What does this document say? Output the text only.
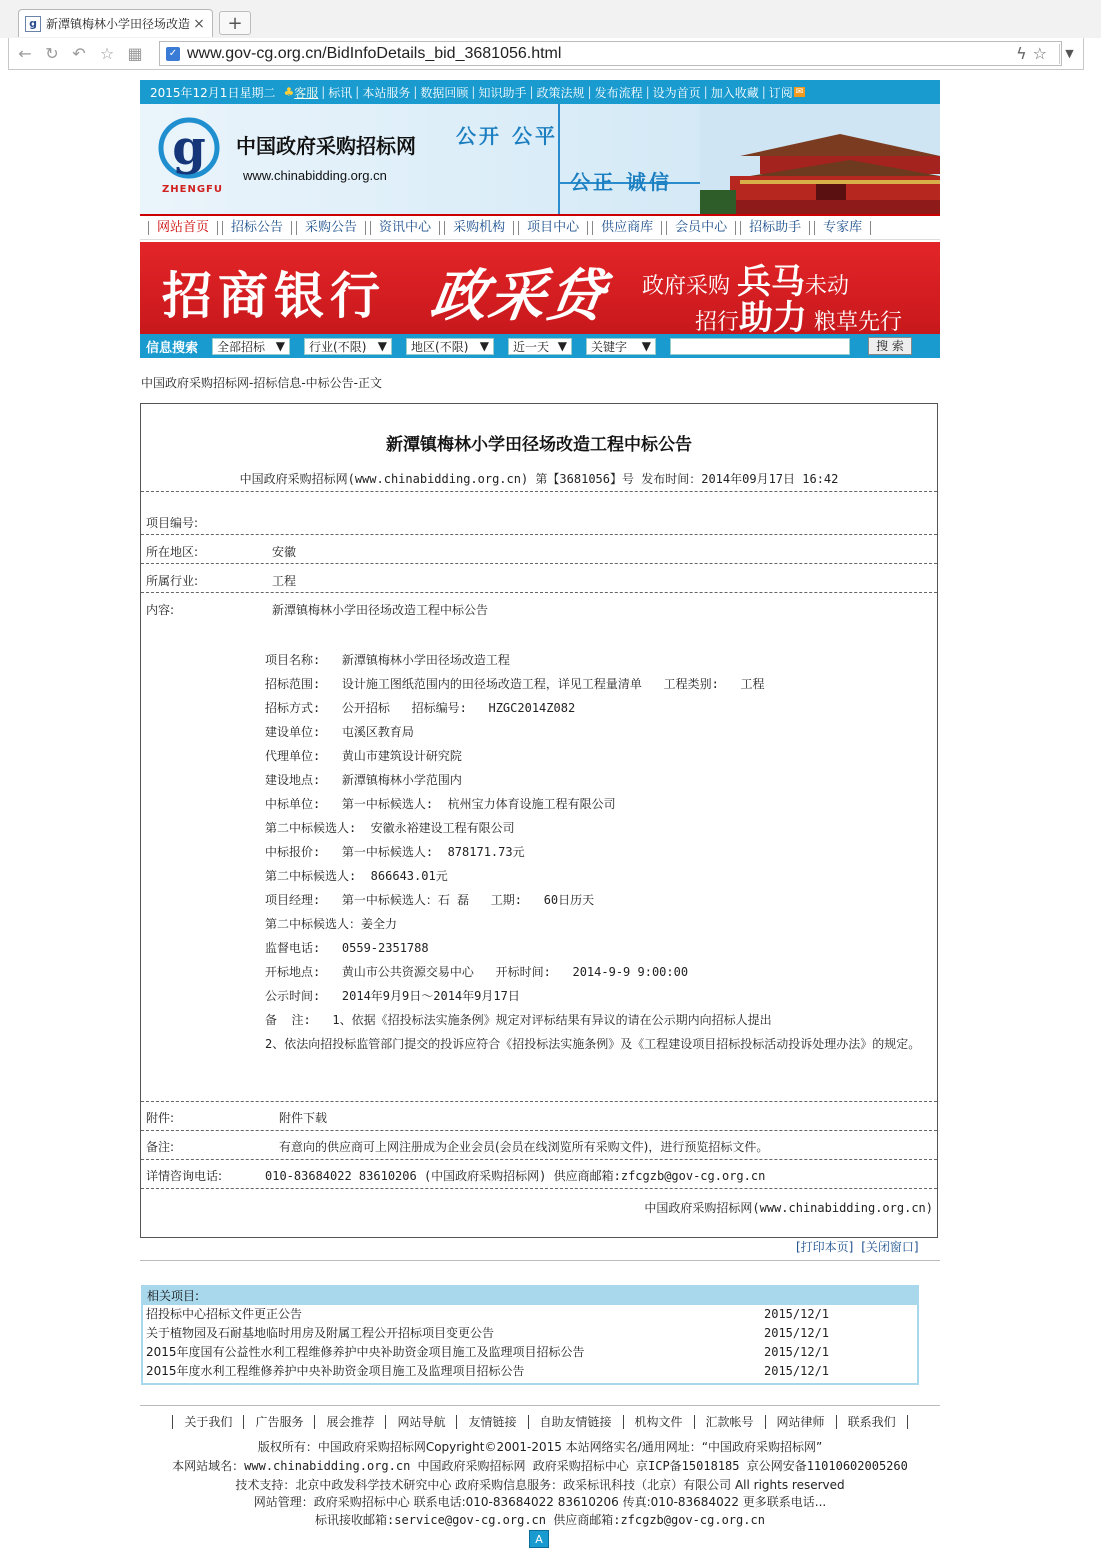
g 新潭镇梅林小学田径场改造 ×	+
← ↻ ↶ ☆ ▦	✓ www.gov-cg.org.cn/BidInfoDetails_bid_3681056.html	ϟ☆	▼
2015年12月1日星期二 ♣ 客服 | 标讯 | 本站服务 | 数据回顾 | 知识助手 | 政策法规 | 发布流程 | 设为首页 | 加入收藏 | 订阅 ✉
g
ZHENGFU
中国政府采购招标网
www.chinabidding.org.cn
公开 公平
公正 诚信
网站首页	招标公告	采购公告	资讯中心	采购机构	项目中心	供应商库	会员中心	招标助手	专家库
招商银行 政采贷 政府采购 兵马未动
招行助力 粮草先行
信息搜索 全部招标 ▼ 行业(不限) ▼ 地区(不限) ▼ 近一天 ▼ 关键字 ▼	搜 索
中国政府采购招标网-招标信息-中标公告-正文
新潭镇梅林小学田径场改造工程中标公告
中国政府采购招标网(www.chinabidding.org.cn) 第【3681056】号 发布时间：2014年09月17日 16:42
项目编号:
所在地区:	安徽
所属行业:	工程
内容:	新潭镇梅林小学田径场改造工程中标公告
项目名称:   新潭镇梅林小学田径场改造工程
招标范围:   设计施工图纸范围内的田径场改造工程，详见工程量清单   工程类别:   工程
招标方式:   公开招标   招标编号:   HZGC2014Z082
建设单位:   屯溪区教育局
代理单位:   黄山市建筑设计研究院
建设地点:   新潭镇梅林小学范围内
中标单位:   第一中标候选人:  杭州宝力体育设施工程有限公司
第二中标候选人:  安徽永裕建设工程有限公司
中标报价:   第一中标候选人:  878171.73元
第二中标候选人:  866643.01元
项目经理:   第一中标候选人：石 磊   工期:   60日历天
第二中标候选人：姜全力
监督电话:   0559-2351788
开标地点:   黄山市公共资源交易中心   开标时间:   2014-9-9 9:00:00
公示时间:   2014年9月9日～2014年9月17日
备  注:   1、依据《招投标法实施条例》规定对评标结果有异议的请在公示期内向招标人提出
2、依法向招投标监管部门提交的投诉应符合《招投标法实施条例》及《工程建设项目招标投标活动投诉处理办法》的规定。
附件:	附件下载
备注:	有意向的供应商可上网注册成为企业会员(会员在线浏览所有采购文件)，进行预览招标文件。
详情咨询电话:	010-83684022 83610206 (中国政府采购招标网) 供应商邮箱:zfcgzb@gov-cg.org.cn
中国政府采购招标网(www.chinabidding.org.cn)
[打印本页] [关闭窗口]
相关项目:
招投标中心招标文件更正公告	2015/12/1
关于植物园及石耐基地临时用房及附属工程公开招标项目变更公告	2015/12/1
2015年度国有公益性水利工程维修养护中央补助资金项目施工及监理项目招标公告	2015/12/1
2015年度水利工程维修养护中央补助资金项目施工及监理项目招标公告	2015/12/1
关于我们 广告服务 展会推荐 网站导航 友情链接 自助友情链接 机构文件 汇款帐号 网站律师 联系我们
版权所有：中国政府采购招标网Copyright©2001-2015 本站网络实名/通用网址：“中国政府采购招标网”
本网站域名：www.chinabidding.org.cn 中国政府采购招标网 政府采购招标中心 京ICP备15018185 京公网安备11010602005260
技术支持：北京中政发科学技术研究中心 政府采购信息服务：政采标讯科技（北京）有限公司 All rights reserved
网站管理：政府采购招标中心 联系电话:010-83684022 83610206 传真:010-83684022 更多联系电话...
标讯接收邮箱:service@gov-cg.org.cn 供应商邮箱:zfcgzb@gov-cg.org.cn
A
